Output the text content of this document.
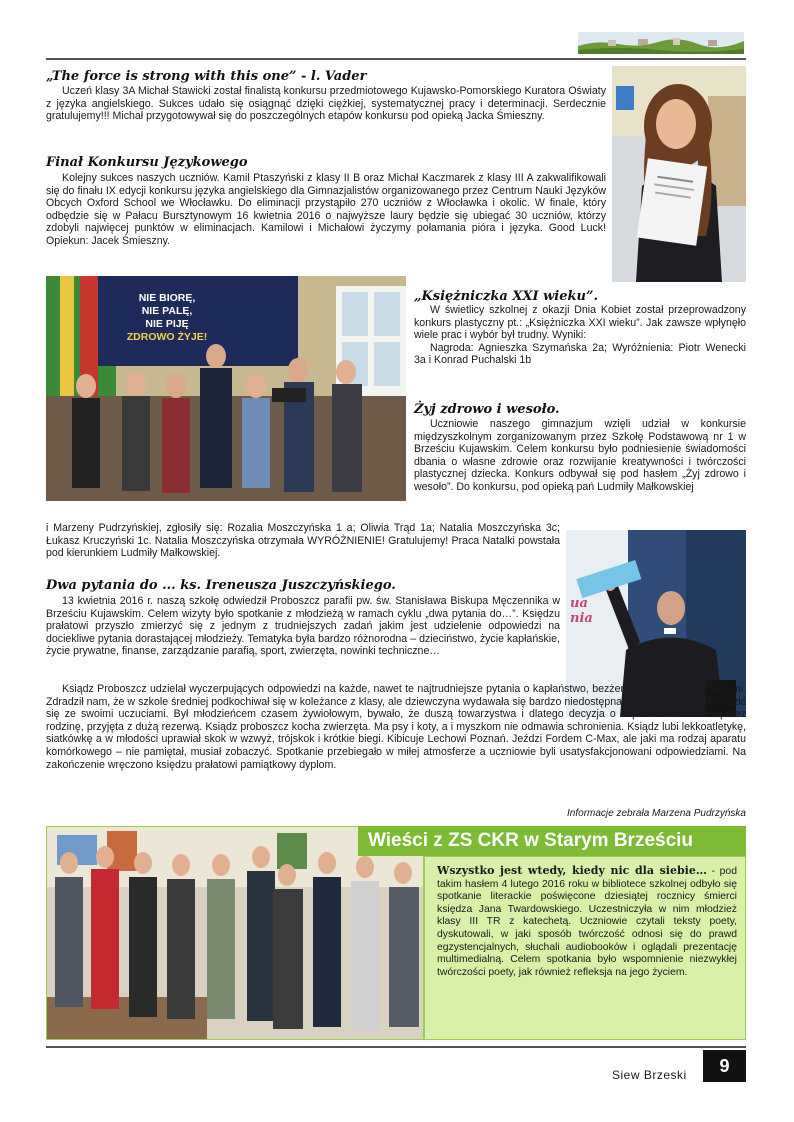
„The force is strong with this one” - l. Vader

Uczeń klasy 3A Michał Stawicki został finalistą konkursu przedmiotowego Kujawsko-Pomorskiego Kuratora Oświaty z języka angielskiego. Sukces udało się osiągnąć dzięki ciężkiej, systematycznej pracy i determinacji. Serdecznie gratulujemy!!! Michał przygotowywał się do poszczególnych etapów konkursu pod opieką Jacka Śmieszny.

Finał Konkursu Językowego

Kolejny sukces naszych uczniów. Kamil Ptaszyński z klasy II B oraz Michał Kaczmarek z klasy III A zakwalifikowali się do finału IX edycji konkursu języka angielskiego dla Gimnazjalistów organizowanego przez Centrum Nauki Języków Obcych Oxford School we Włocławku. Do eliminacji przystąpiło 270 uczniów z Włocławka i okolic. W finale, który odbędzie się w Pałacu Bursztynowym 16 kwietnia 2016 o najwyższe laury będzie się ubiegać 30 uczniów, którzy zdobyli najwięcej punktów w eliminacjach. Kamilowi i Michałowi życzymy połamania pióra i języka. Good Luck! Opiekun: Jacek Śmieszny.

NIE BIORĘ,
NIE PALĘ,
NIE PIJĘ
ZDROWO ŻYJE!
„Księżniczka XXI wieku”.

W świetlicy szkolnej z okazji Dnia Kobiet został przeprowadzony konkurs plastyczny pt.: „Księżniczka XXI wieku”. Jak zawsze wpłynęło wiele prac i wybór był trudny. Wyniki:

Nagroda: Agnieszka Szymańska 2a; Wyróżnienia: Piotr Wenecki 3a i Konrad Puchalski 1b

Żyj zdrowo i wesoło.

Uczniowie naszego gimnazjum wzięli udział w konkursie międzyszkolnym zorganizowanym przez Szkołę Podstawową nr 1 w Brześciu Kujawskim. Celem konkursu było podniesienie świadomości dbania o własne zdrowie oraz rozwijanie kreatywności i twórczości plastycznej dziecka. Konkurs odbywał się pod hasłem „Żyj zdrowo i wesoło”. Do konkursu, pod opieką pań Ludmiły Małkowskiej

i Marzeny Pudrzyńskiej, zgłosiły się: Rozalia Moszczyńska 1 a; Oliwia Trąd 1a; Natalia Moszczyńska 3c; Łukasz Kruczyński 1c. Natalia Moszczyńska otrzymała WYRÓŻNIENIE! Gratulujemy! Praca Natalki powstała pod kierunkiem Ludmiły Małkowskiej.

ua
nia
Dwa pytania do ... ks. Ireneusza Juszczyńskiego.

13 kwietnia 2016 r. naszą szkołę odwiedził Proboszcz parafii pw. św. Stanisława Biskupa Męczennika w Brześciu Kujawskim. Celem wizyty było spotkanie z młodzieżą w ramach cyklu „dwa pytania do…”. Księdzu prałatowi przyszło zmierzyć się z jednym z trudniejszych zadań jakim jest udzielenie odpowiedzi na dociekliwe pytania dorastającej młodzieży. Tematyka była bardzo różnorodna – dzieciństwo, życie kapłańskie, życie prywatne, finanse, zarządzanie parafią, sport, zwierzęta, nowinki techniczne…

Ksiądz Proboszcz udzielał wyczerpujących odpowiedzi na każde, nawet te najtrudniejsze pytania o kapłaństwo, bezżeństwo, relacje z kobietami. Zdradził nam, że w szkole średniej podkochiwał się w koleżance z klasy, ale dziewczyna wydawała się bardzo niedostępna i nie miał odwagi zdradzić się ze swoimi uczuciami. Był młodzieńcem czasem żywiołowym, bywało, że duszą towarzystwa i dlatego decyzja o kapłaństwie została przez rodzinę, przyjęta z dużą rezerwą. Ksiądz proboszcz kocha zwierzęta. Ma psy i koty, a i myszkom nie odmawia schronienia. Ksiądz lubi lekkoatletykę, siatkówkę a w młodości uprawiał skok w wzwyż, trójskok i krótkie biegi. Kibicuje Lechowi Poznań. Jeździ Fordem C-Max, ale jaki ma rodzaj aparatu komórkowego – nie pamiętał, musiał zobaczyć. Spotkanie przebiegało w miłej atmosferze a uczniowie byli usatysfakcjonowani odpowiedziami. Na zakończenie wręczono księdzu prałatowi pamiątkowy dyplom.

Informacje zebrała Marzena Pudrzyńska
Wieści z ZS CKR w Starym Brześciu
Wszystko jest wtedy, kiedy nic dla siebie… - pod takim hasłem 4 lutego 2016 roku w bibliotece szkolnej odbyło się spotkanie literackie poświęcone dziesiątej rocznicy śmierci księdza Jana Twardowskiego. Uczestniczyła w nim młodzież klasy III TR z katechetą. Uczniowie czytali teksty poety, dyskutowali, w jaki sposób twórczość odnosi się do prawd egzystencjalnych, słuchali audiobooków i oglądali prezentację multimedialną. Celem spotkania było wspomnienie niezwykłej twórczości poety, jak również refleksja na jego życiem.
Siew Brzeski	9
